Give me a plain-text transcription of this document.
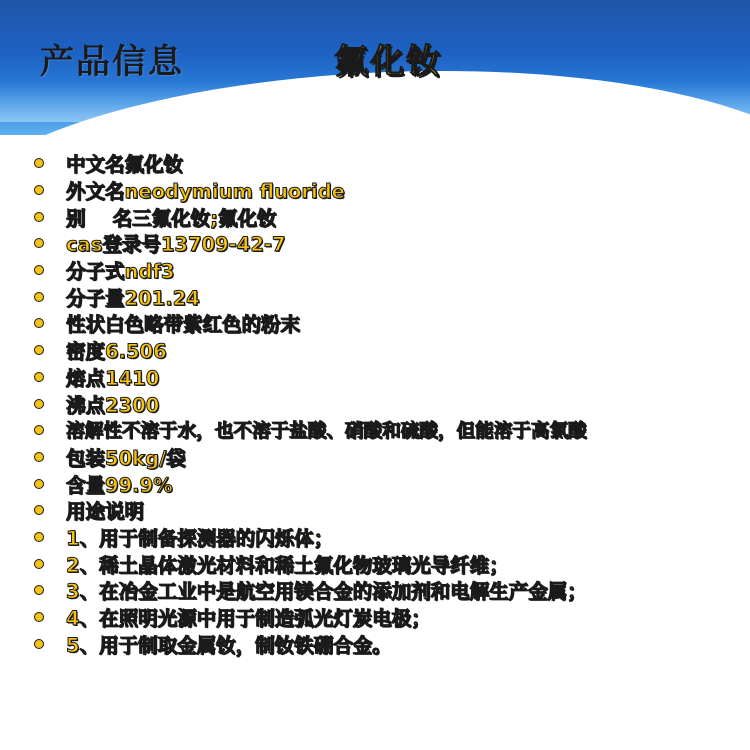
产品信息	氟化钕
中文名氟化钕
外文名neodymium fluoride
别    名三氟化钕;氟化钕
cas登录号13709-42-7
分子式ndf3
分子量201.24
性状白色略带紫红色的粉末
密度6.506
熔点1410
沸点2300
溶解性不溶于水，也不溶于盐酸、硝酸和硫酸，但能溶于高氯酸
包装50kg/袋
含量99.9%
用途说明
1、用于制备探测器的闪烁体；
2、稀土晶体激光材料和稀土氟化物玻璃光导纤维；
3、在冶金工业中是航空用镁合金的添加剂和电解生产金属；
4、在照明光源中用于制造弧光灯炭电极；
5、用于制取金属钕，制钕铁硼合金。
